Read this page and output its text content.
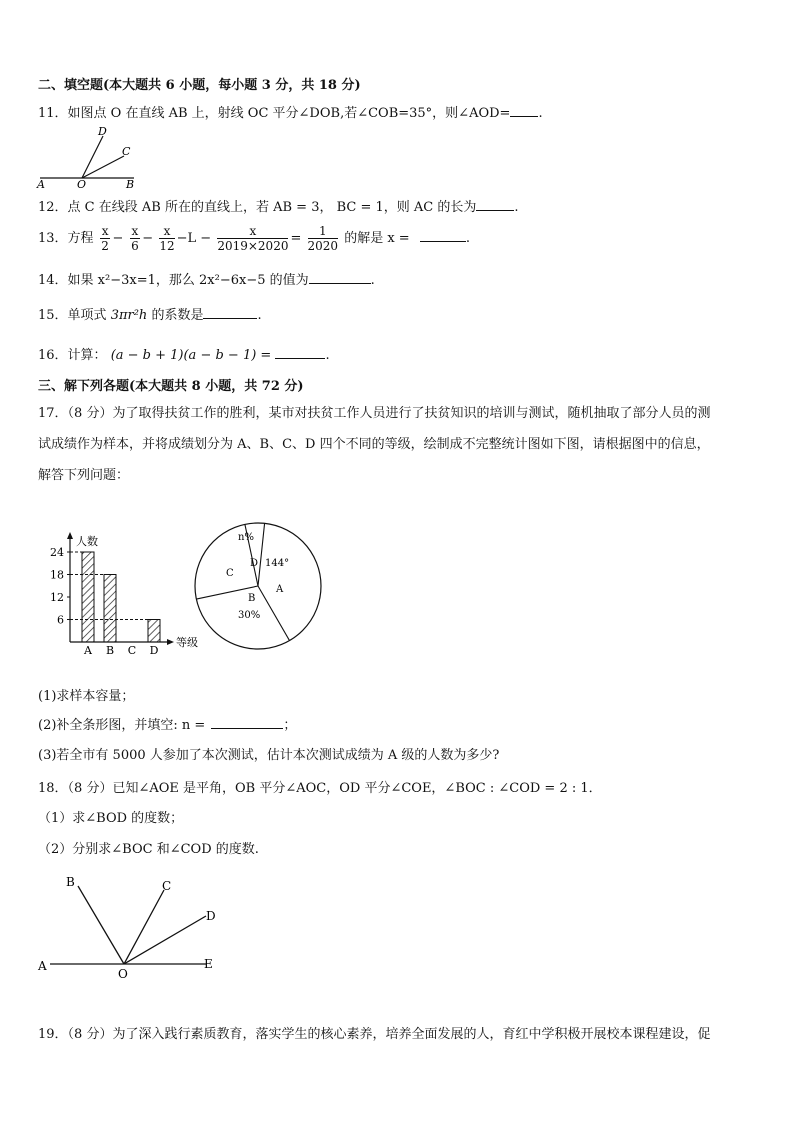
二、填空题(本大题共 6 小题，每小题 3 分，共 18 分)
11．如图点 O 在直线 AB 上，射线 OC 平分∠DOB,若∠COB=35°，则∠AOD= .
D
C
A	O	B
12．点 C 在线段 AB 所在的直线上，若 AB = 3， BC = 1，则 AC 的长为	.
13．方程 $\frac{x}{2} - \frac{x}{6} - \frac{x}{12} -L - \frac{x}{2019\times 2020} = \frac{1}{2020}$ 的解是 x =	.
14．如果 x²−3x=1，那么 2x²−6x−5 的值为	.
15．单项式 3πr²h 的系数是	.
16．计算： (a − b + 1)(a − b − 1) =	.
三、解下列各题(本大题共 8 小题，共 72 分)
17．（8 分）为了取得扶贫工作的胜利，某市对扶贫工作人员进行了扶贫知识的培训与测试，随机抽取了部分人员的测
试成绩作为样本，并将成绩划分为 A、B、C、D 四个不同的等级，绘制成不完整统计图如下图，请根据图中的信息，
解答下列问题：
人数
等级
6
12
18
24
A B C D
n%
D
C
144°
A
B
30%
(1)求样本容量；
(2)补全条形图，并填空: n =	；
(3)若全市有 5000 人参加了本次测试，估计本次测试成绩为 A 级的人数为多少?
18．（8 分）已知∠AOE 是平角，OB 平分∠AOC，OD 平分∠COE，∠BOC : ∠COD = 2 : 1．
（1）求∠BOD 的度数；
（2）分别求∠BOC 和∠COD 的度数.
A
B	C
D
E
O
19．（8 分）为了深入践行素质教育，落实学生的核心素养，培养全面发展的人，育红中学积极开展校本课程建设，促
